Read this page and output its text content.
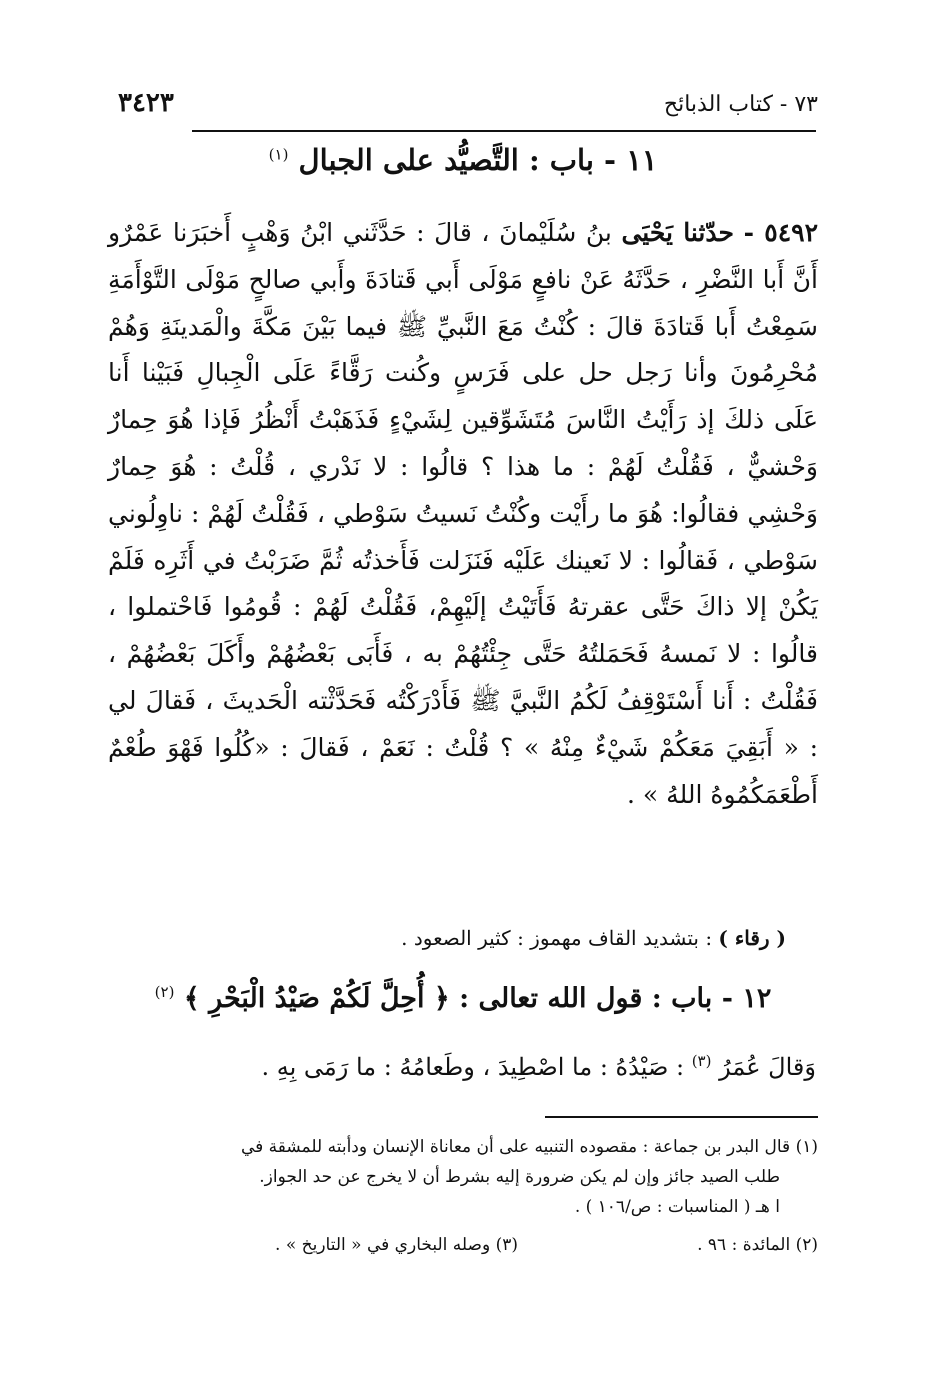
٧٣ - كتاب الذبائح
٣٤٢٣
١١ - باب : التَّصيُّد على الجبال $^{(١)}$
٥٤٩٢ - حدّثنا يَحْيَى بنُ سُلَيْمانَ ، قالَ : حَدَّثَني ابْنُ وَهْبٍ أَخبَرَنا عَمْرٌو أَنَّ أَبا النَّضْرِ ، حَدَّثَهُ عَنْ نافعٍ مَوْلَى أَبي قَتادَةَ وأَبي صالحٍ مَوْلَى التَّوْأَمَةِ سَمِعْتُ أَبا قَتادَةَ قالَ : كُنْتُ مَعَ النَّبيِّ ﷺ فيما بَيْنَ مَكَّةَ والْمَدينَةِ وَهُمْ مُحْرِمُونَ وأنا رَجل حل على فَرَسٍ وكُنت رَقَّاءً عَلَى الْجِبالِ فَبَيْنا أَنا عَلَى ذلكَ إذ رَأَيْتُ النَّاسَ مُتَشَوِّقين لِشَيْءٍ فَذَهَبْتُ أَنْظُرُ فَإذا هُوَ حِمارٌ وَحْشيٌّ ، فَقُلْتُ لَهُمْ : ما هذا ؟ قالُوا : لا نَدْري ، قُلْتُ : هُوَ حِمارٌ وَحْشِي فقالُوا: هُوَ ما رأَيْت وكُنْتُ نَسيتُ سَوْطي ، فَقُلْتُ لَهُمْ : ناوِلُوني سَوْطي ، فَقالُوا : لا نَعينك عَلَيْه فَنَزَلت فَأَخذتُه ثُمَّ ضَرَبْتُ في أَثَرِه فَلَمْ يَكُنْ إلا ذاكَ حَتَّى عقرتهُ فَأَتَيْتُ إلَيْهِمْ، فَقُلْتُ لَهُمْ : قُومُوا فَاحْتملوا ، قالُوا : لا نَمسهُ فَحَمَلتُهُ حَتَّى جِئْتُهُمْ به ، فَأَبَى بَعْضُهُمْ وأَكَلَ بَعْضُهُمْ ، فَقُلْتُ : أَنا أَسْتَوْقِفُ لَكُمُ النَّبيَّ ﷺ فَأَدْرَكْتُه فَحَدَّثْته الْحَديثَ ، فَقالَ لي : « أَبَقِيَ مَعَكُمْ شَيْءٌ مِنْهُ » ؟ قُلْتُ : نَعَمْ ، فَقالَ : «كُلُوا فَهْوَ طُعْمٌ أَطْعَمَكُمُوهُ اللهُ » .
( رقاء ) : بتشديد القاف مهموز : كثير الصعود .
١٢ - باب : قول الله تعالى : ﴿ أُحِلَّ لَكُمْ صَيْدُ الْبَحْرِ ﴾ $^{(٢)}$
وَقالَ عُمَرُ $^{(٣)}$ : صَيْدُهُ : ما اصْطِيدَ ، وطَعامُهُ : ما رَمَى بِهِ .
(١) قال البدر بن جماعة : مقصوده التنبيه على أن معاناة الإنسان ودأبته للمشقة في
طلب الصيد جائز وإن لم يكن ضرورة إليه بشرط أن لا يخرج عن حد الجواز.
ا هـ ( المناسبات : ص/١٠٦ ) .
(٢) المائدة : ٩٦ .
(٣) وصله البخاري في « التاريخ » .
